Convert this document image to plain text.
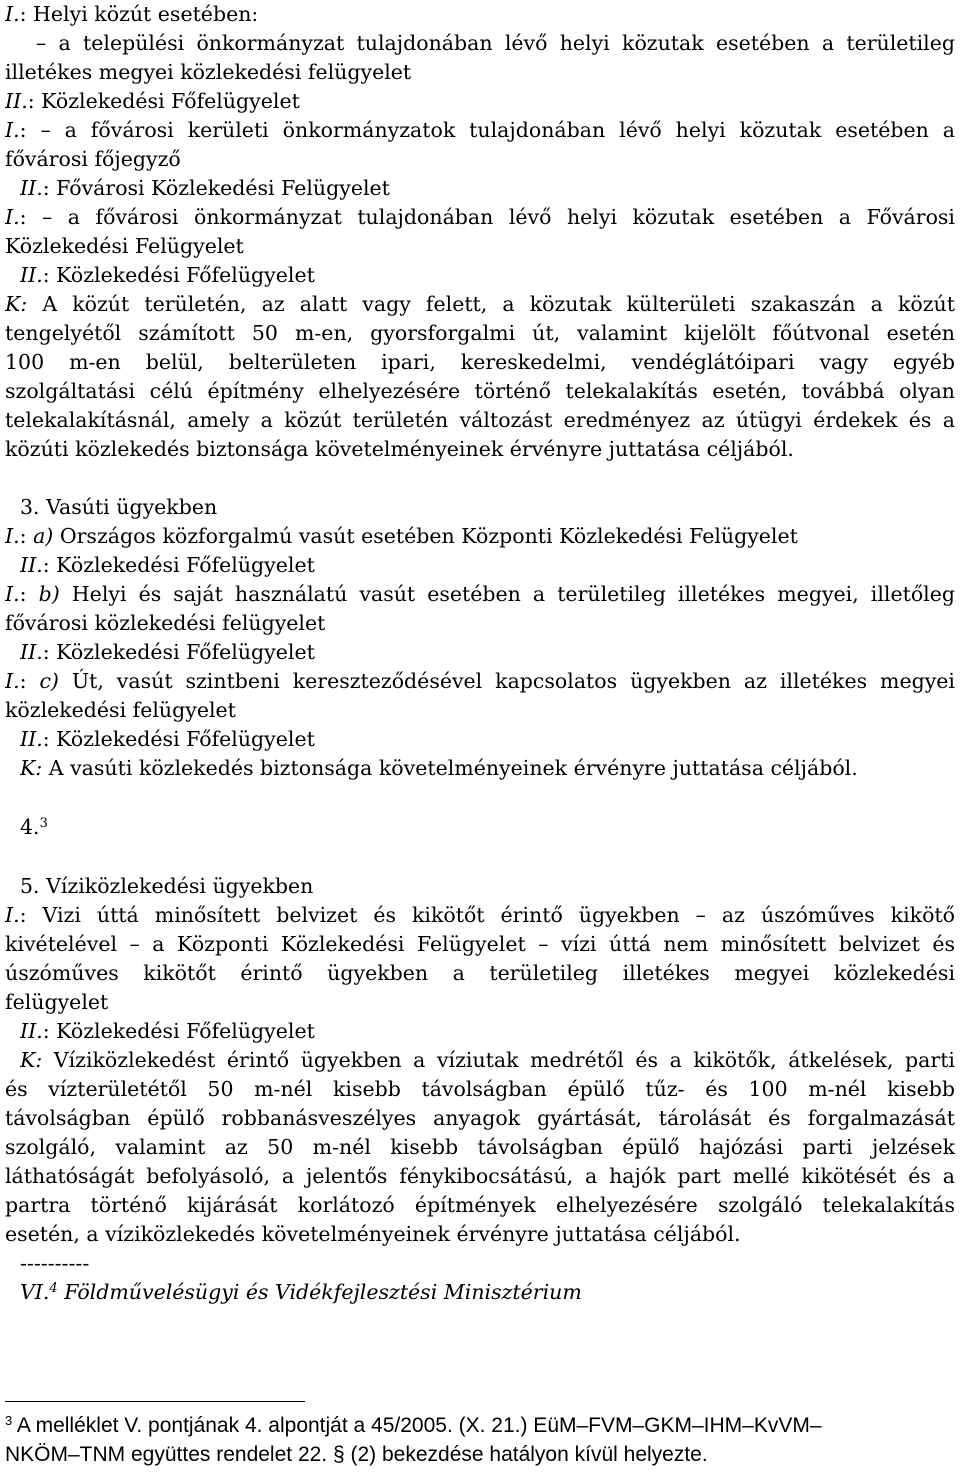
I.: Helyi közút esetében:
– a települési önkormányzat tulajdonában lévő helyi közutak esetében a területileg
illetékes megyei közlekedési felügyelet
II.: Közlekedési Főfelügyelet
I.: – a fővárosi kerületi önkormányzatok tulajdonában lévő helyi közutak esetében a
fővárosi főjegyző
II.: Fővárosi Közlekedési Felügyelet
I.: – a fővárosi önkormányzat tulajdonában lévő helyi közutak esetében a Fővárosi
Közlekedési Felügyelet
II.: Közlekedési Főfelügyelet
K: A közút területén, az alatt vagy felett, a közutak külterületi szakaszán a közút
tengelyétől számított 50 m-en, gyorsforgalmi út, valamint kijelölt főútvonal esetén
100 m-en belül, belterületen ipari, kereskedelmi, vendéglátóipari vagy egyéb
szolgáltatási célú építmény elhelyezésére történő telekalakítás esetén, továbbá olyan
telekalakításnál, amely a közút területén változást eredményez az útügyi érdekek és a
közúti közlekedés biztonsága követelményeinek érvényre juttatása céljából.
3. Vasúti ügyekben
I.: a) Országos közforgalmú vasút esetében Központi Közlekedési Felügyelet
II.: Közlekedési Főfelügyelet
I.: b) Helyi és saját használatú vasút esetében a területileg illetékes megyei, illetőleg
fővárosi közlekedési felügyelet
II.: Közlekedési Főfelügyelet
I.: c) Út, vasút szintbeni kereszteződésével kapcsolatos ügyekben az illetékes megyei
közlekedési felügyelet
II.: Közlekedési Főfelügyelet
K: A vasúti közlekedés biztonsága követelményeinek érvényre juttatása céljából.
4.$^3$
5. Víziközlekedési ügyekben
I.: Vizi úttá minősített belvizet és kikötőt érintő ügyekben – az úszóműves kikötő
kivételével – a Központi Közlekedési Felügyelet – vízi úttá nem minősített belvizet és
úszóműves kikötőt érintő ügyekben a területileg illetékes megyei közlekedési
felügyelet
II.: Közlekedési Főfelügyelet
K: Víziközlekedést érintő ügyekben a víziutak medrétől és a kikötők, átkelések, parti
és vízterületétől 50 m-nél kisebb távolságban épülő tűz- és 100 m-nél kisebb
távolságban épülő robbanásveszélyes anyagok gyártását, tárolását és forgalmazását
szolgáló, valamint az 50 m-nél kisebb távolságban épülő hajózási parti jelzések
láthatóságát befolyásoló, a jelentős fénykibocsátású, a hajók part mellé kikötését és a
partra történő kijárását korlátozó építmények elhelyezésére szolgáló telekalakítás
esetén, a víziközlekedés követelményeinek érvényre juttatása céljából.
----------
VI.$^4$ Földművelésügyi és Vidékfejlesztési Minisztérium
$^3$ A melléklet V. pontjának 4. alpontját a 45/2005. (X. 21.) EüM–FVM–GKM–IHM–KvVM–
NKÖM–TNM együttes rendelet 22. § (2) bekezdése hatályon kívül helyezte.
